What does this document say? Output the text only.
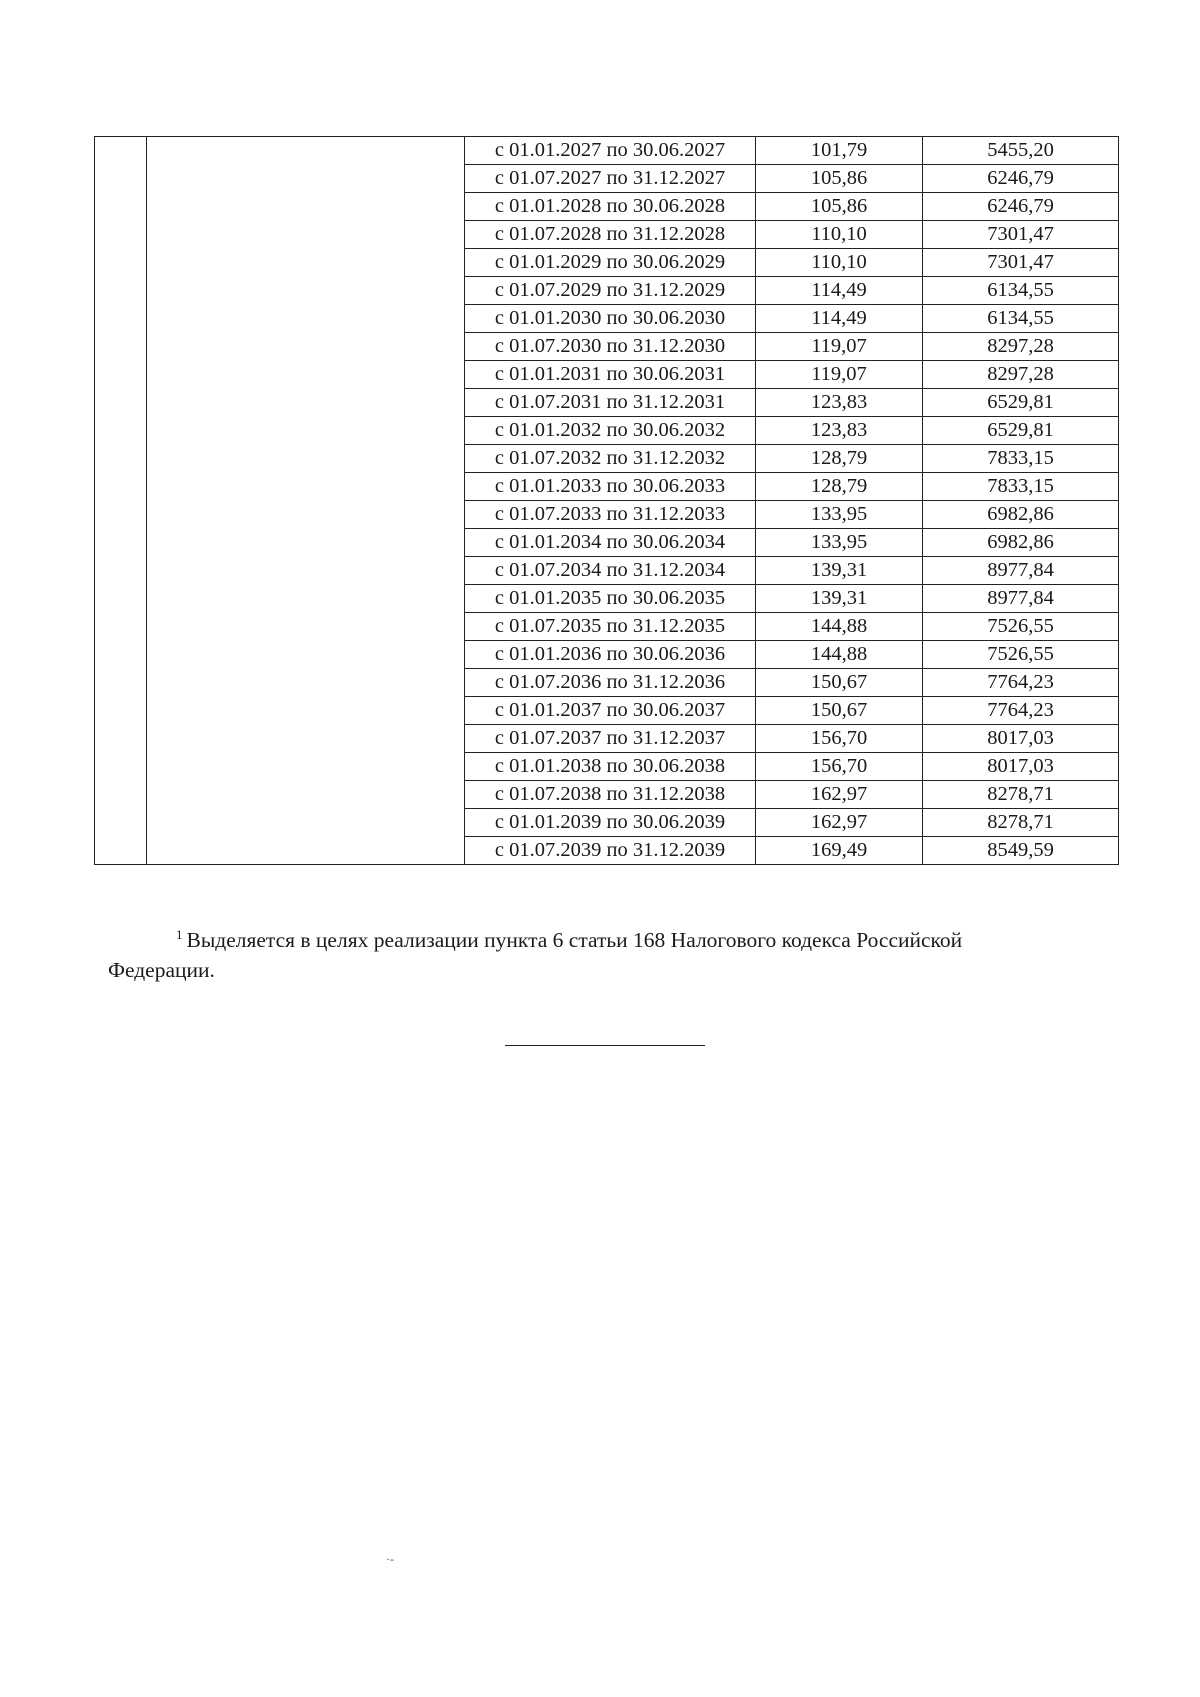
		с 01.01.2027 по 30.06.2027	101,79	5455,20
		с 01.07.2027 по 31.12.2027	105,86	6246,79
		с 01.01.2028 по 30.06.2028	105,86	6246,79
		с 01.07.2028 по 31.12.2028	110,10	7301,47
		с 01.01.2029 по 30.06.2029	110,10	7301,47
		с 01.07.2029 по 31.12.2029	114,49	6134,55
		с 01.01.2030 по 30.06.2030	114,49	6134,55
		с 01.07.2030 по 31.12.2030	119,07	8297,28
		с 01.01.2031 по 30.06.2031	119,07	8297,28
		с 01.07.2031 по 31.12.2031	123,83	6529,81
		с 01.01.2032 по 30.06.2032	123,83	6529,81
		с 01.07.2032 по 31.12.2032	128,79	7833,15
		с 01.01.2033 по 30.06.2033	128,79	7833,15
		с 01.07.2033 по 31.12.2033	133,95	6982,86
		с 01.01.2034 по 30.06.2034	133,95	6982,86
		с 01.07.2034 по 31.12.2034	139,31	8977,84
		с 01.01.2035 по 30.06.2035	139,31	8977,84
		с 01.07.2035 по 31.12.2035	144,88	7526,55
		с 01.01.2036 по 30.06.2036	144,88	7526,55
		с 01.07.2036 по 31.12.2036	150,67	7764,23
		с 01.01.2037 по 30.06.2037	150,67	7764,23
		с 01.07.2037 по 31.12.2037	156,70	8017,03
		с 01.01.2038 по 30.06.2038	156,70	8017,03
		с 01.07.2038 по 31.12.2038	162,97	8278,71
		с 01.01.2039 по 30.06.2039	162,97	8278,71
		с 01.07.2039 по 31.12.2039	169,49	8549,59
$^1$ Выделяется в целях реализации пункта 6 статьи 168 Налогового кодекса Российской
Федерации.
·-
